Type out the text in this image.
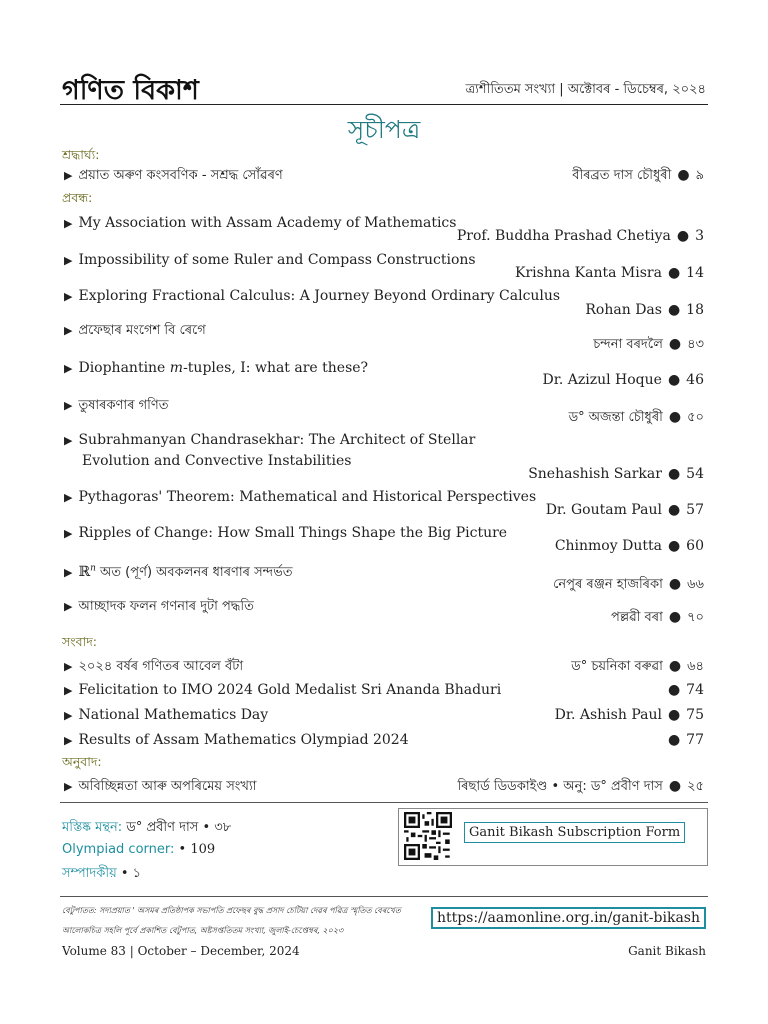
গণিত বিকাশ	ত্ৰ্যশীতিতম সংখ্যা | অক্টোবৰ - ডিচেম্বৰ, ২০২৪
সূচীপত্ৰ
শ্ৰদ্ধাৰ্ঘ্য:
▶ প্ৰয়াত অৰুণ কংসবণিক - সশ্ৰদ্ধ সোঁৱৰণ	বীৰব্ৰত দাস চৌধুৰী ● ৯
প্ৰবন্ধ:
▶ My Association with Assam Academy of Mathematics
Prof. Buddha Prashad Chetiya ● 3
▶ Impossibility of some Ruler and Compass Constructions
Krishna Kanta Misra ● 14
▶ Exploring Fractional Calculus: A Journey Beyond Ordinary Calculus
Rohan Das ● 18
▶ প্ৰফেছাৰ মংগেশ বি ৰেগে
চন্দনা বৰদলৈ ● ৪৩
▶ Diophantine m-tuples, I: what are these?
Dr. Azizul Hoque ● 46
▶ তুষাৰকণাৰ গণিত
ড° অজন্তা চৌধুৰী ● ৫০
▶ Subrahmanyan Chandrasekhar: The Architect of Stellar
Evolution and Convective Instabilities
Snehashish Sarkar ● 54
▶ Pythagoras' Theorem: Mathematical and Historical Perspectives
Dr. Goutam Paul ● 57
▶ Ripples of Change: How Small Things Shape the Big Picture
Chinmoy Dutta ● 60
▶ ℝ$^n$ অত (পূৰ্ণ) অবকলনৰ ধাৰণাৰ সন্দৰ্ভত
নেপুৰ ৰঞ্জন হাজৰিকা ● ৬৬
▶ আচ্ছাদক ফলন গণনাৰ দুটা পদ্ধতি
পল্লৱী বৰা ● ৭০
সংবাদ:
▶ ২০২৪ বৰ্ষৰ গণিতৰ আবেল বঁটা	ড° চয়নিকা বৰুৱা ● ৬৪
▶ Felicitation to IMO 2024 Gold Medalist Sri Ananda Bhaduri	● 74
▶ National Mathematics Day	Dr. Ashish Paul ● 75
▶ Results of Assam Mathematics Olympiad 2024	● 77
অনুবাদ:
▶ অবিচ্ছিন্নতা আৰু অপৰিমেয় সংখ্যা	ৰিছাৰ্ড ডিডকাইণ্ড • অনু: ড° প্ৰবীণ দাস ● ২৫
মস্তিষ্ক মন্থন: ড° প্ৰবীণ দাস • ৩৮
Olympiad corner: • 109
সম্পাদকীয় • ১
Ganit Bikash Subscription Form
বেটুপাতত: সদ্যপ্ৰয়াত ' অসমৰ প্ৰতিষ্ঠাপক সভাপতি প্ৰফেছৰ বুদ্ধ প্ৰসাদ চেটিয়া দেৱৰ পৱিত্ৰ স্মৃতিত বেৰখেত
আলোকচিত্ৰ সহলি পূৰ্বে প্ৰকাশিত বেটুপাত, অষ্টসপ্ততিতম সংখ্যা, জুলাই-চেপ্তেম্বৰ, ২০২৩
https://aamonline.org.in/ganit-bikash
Volume 83 | October – December, 2024	Ganit Bikash
